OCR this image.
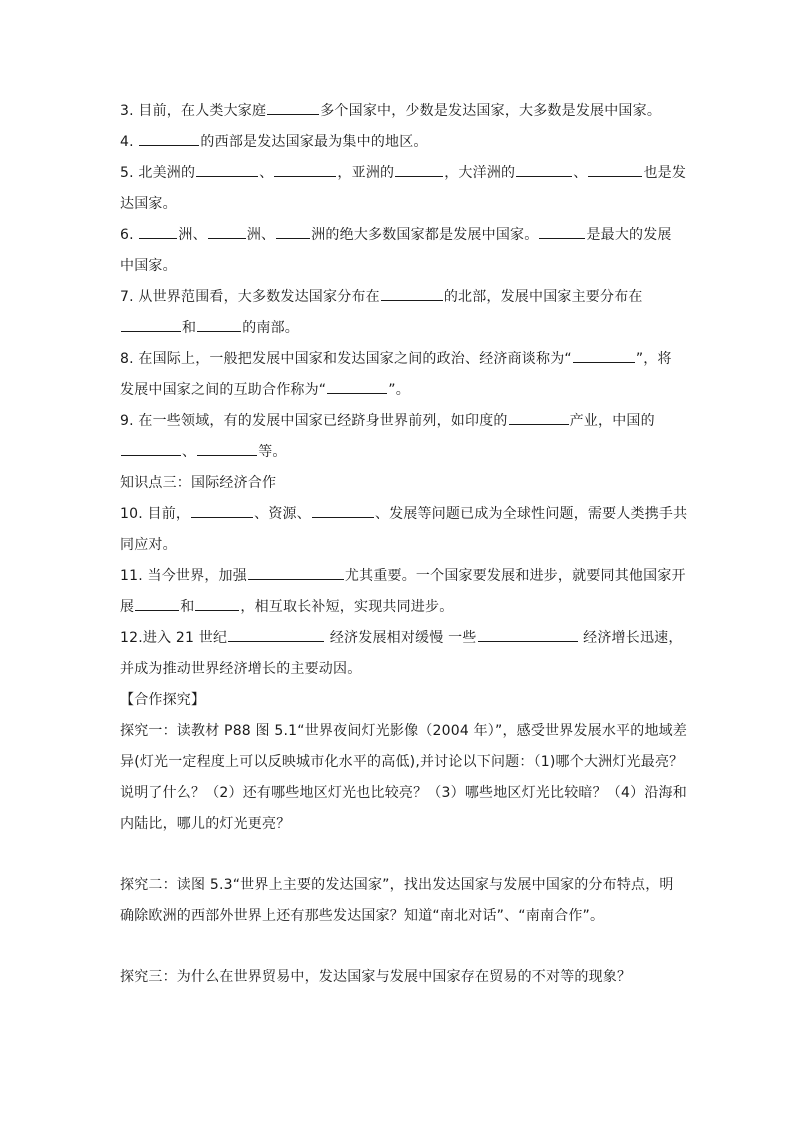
3. 目前，在人类大家庭	多个国家中，少数是发达国家，大多数是发展中国家。
4.	的西部是发达国家最为集中的地区。
5. 北美洲的	、	，亚洲的	，大洋洲的	、	也是发
达国家。
6.	洲、	洲、	洲的绝大多数国家都是发展中国家。	是最大的发展
中国家。
7. 从世界范围看，大多数发达国家分布在	的北部，发展中国家主要分布在
和	的南部。
8. 在国际上，一般把发展中国家和发达国家之间的政治、经济商谈称为“	”，将
发展中国家之间的互助合作称为“	”。
9. 在一些领域，有的发展中国家已经跻身世界前列，如印度的	产业，中国的
、	等。
知识点三：国际经济合作
10. 目前，	、资源、	、发展等问题已成为全球性问题，需要人类携手共
同应对。
11. 当今世界，加强	尤其重要。一个国家要发展和进步，就要同其他国家开
展	和	，相互取长补短，实现共同进步。
12.进入 21 世纪	经济发展相对缓慢 一些	经济增长迅速，
并成为推动世界经济增长的主要动因。
【合作探究】
探究一：读教材 P88 图 5.1“世界夜间灯光影像（2004 年）”，感受世界发展水平的地域差
异(灯光一定程度上可以反映城市化水平的高低),并讨论以下问题：（1)哪个大洲灯光最亮？
说明了什么？（2）还有哪些地区灯光也比较亮？（3）哪些地区灯光比较暗？（4）沿海和
内陆比，哪儿的灯光更亮？
探究二：读图 5.3“世界上主要的发达国家”，找出发达国家与发展中国家的分布特点，明
确除欧洲的西部外世界上还有那些发达国家？知道“南北对话”、“南南合作”。
探究三：为什么在世界贸易中，发达国家与发展中国家存在贸易的不对等的现象？
